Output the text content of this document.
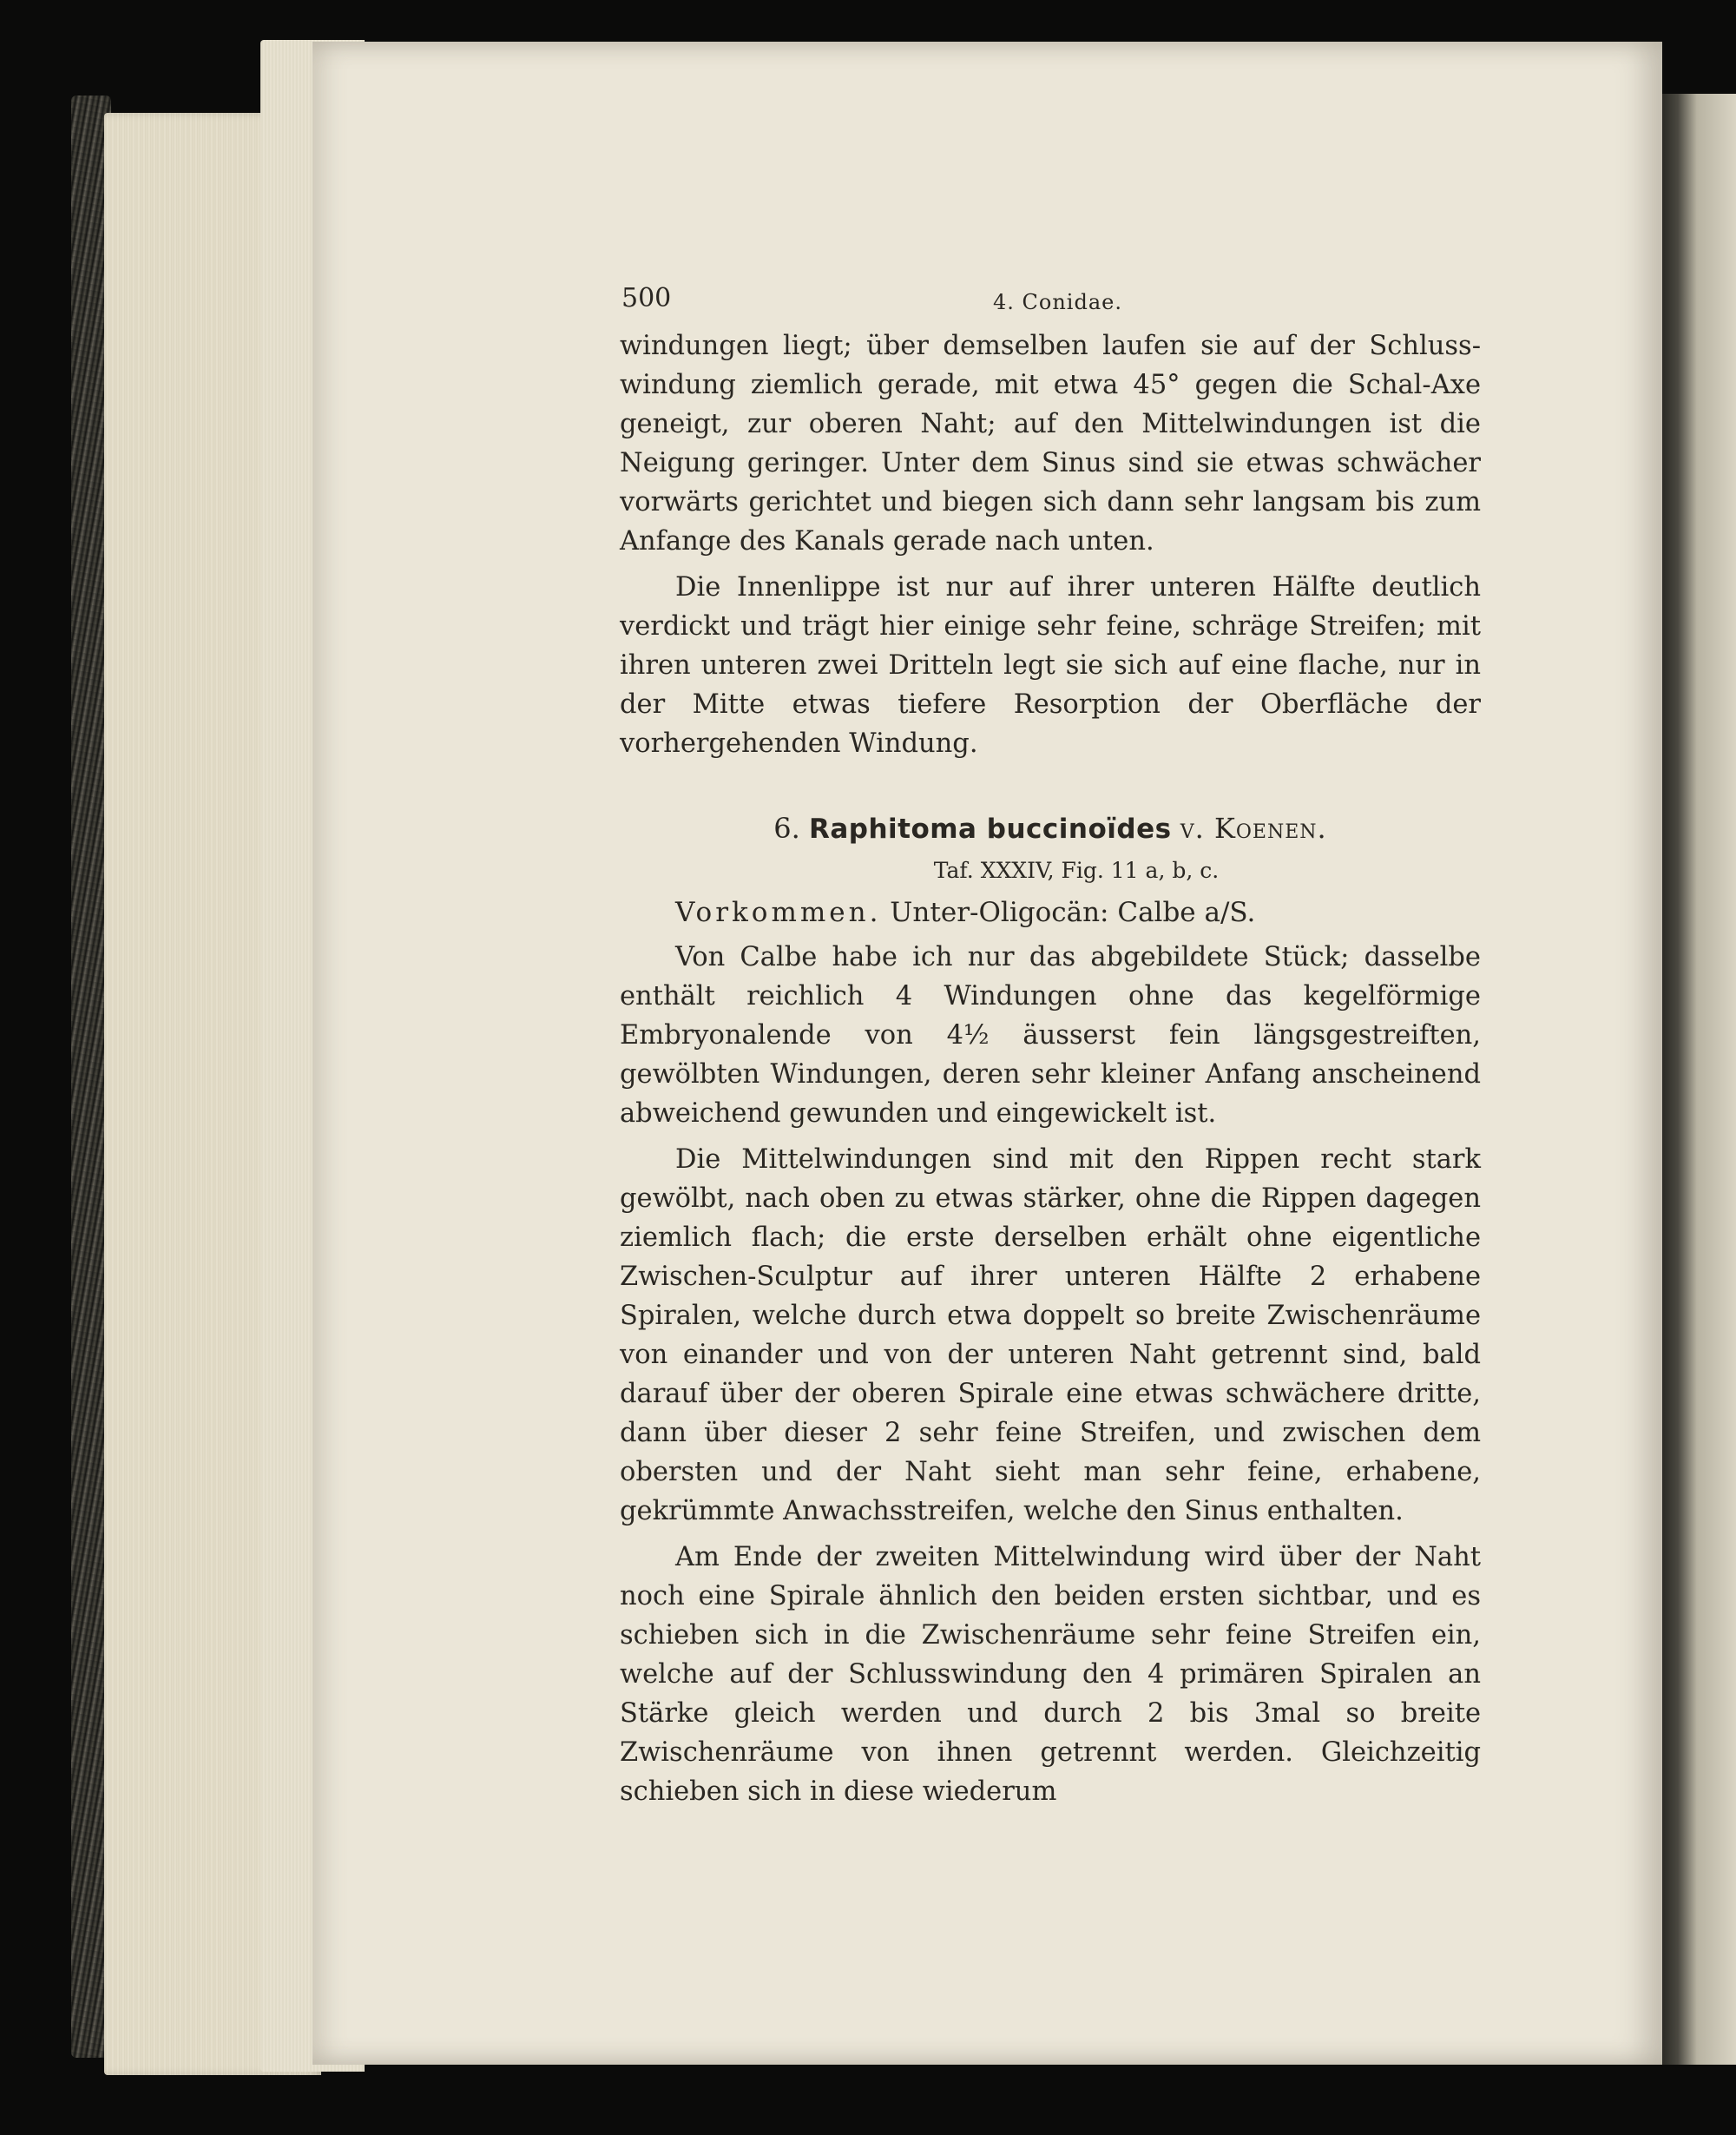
500	4. Conidae.

windungen liegt; über demselben laufen sie auf der Schluss-windung ziemlich gerade, mit etwa 45° gegen die Schal-Axe geneigt, zur oberen Naht; auf den Mittelwindungen ist die Neigung geringer. Unter dem Sinus sind sie etwas schwächer vorwärts gerichtet und biegen sich dann sehr langsam bis zum Anfange des Kanals gerade nach unten.

Die Innenlippe ist nur auf ihrer unteren Hälfte deutlich verdickt und trägt hier einige sehr feine, schräge Streifen; mit ihren unteren zwei Dritteln legt sie sich auf eine flache, nur in der Mitte etwas tiefere Resorption der Oberfläche der vorhergehenden Windung.

6. Raphitoma buccinoïdes v. Koenen.
Taf. XXXIV, Fig. 11 a, b, c.

Vorkommen. Unter-Oligocän: Calbe a/S.

Von Calbe habe ich nur das abgebildete Stück; dasselbe enthält reichlich 4 Windungen ohne das kegelförmige Embryonalende von 4½ äusserst fein längsgestreiften, gewölbten Windungen, deren sehr kleiner Anfang anscheinend abweichend gewunden und eingewickelt ist.

Die Mittelwindungen sind mit den Rippen recht stark gewölbt, nach oben zu etwas stärker, ohne die Rippen dagegen ziemlich flach; die erste derselben erhält ohne eigentliche Zwischen-Sculptur auf ihrer unteren Hälfte 2 erhabene Spiralen, welche durch etwa doppelt so breite Zwischenräume von einander und von der unteren Naht getrennt sind, bald darauf über der oberen Spirale eine etwas schwächere dritte, dann über dieser 2 sehr feine Streifen, und zwischen dem obersten und der Naht sieht man sehr feine, erhabene, gekrümmte Anwachsstreifen, welche den Sinus enthalten.

Am Ende der zweiten Mittelwindung wird über der Naht noch eine Spirale ähnlich den beiden ersten sichtbar, und es schieben sich in die Zwischenräume sehr feine Streifen ein, welche auf der Schlusswindung den 4 primären Spiralen an Stärke gleich werden und durch 2 bis 3mal so breite Zwischenräume von ihnen getrennt werden. Gleichzeitig schieben sich in diese wiederum
